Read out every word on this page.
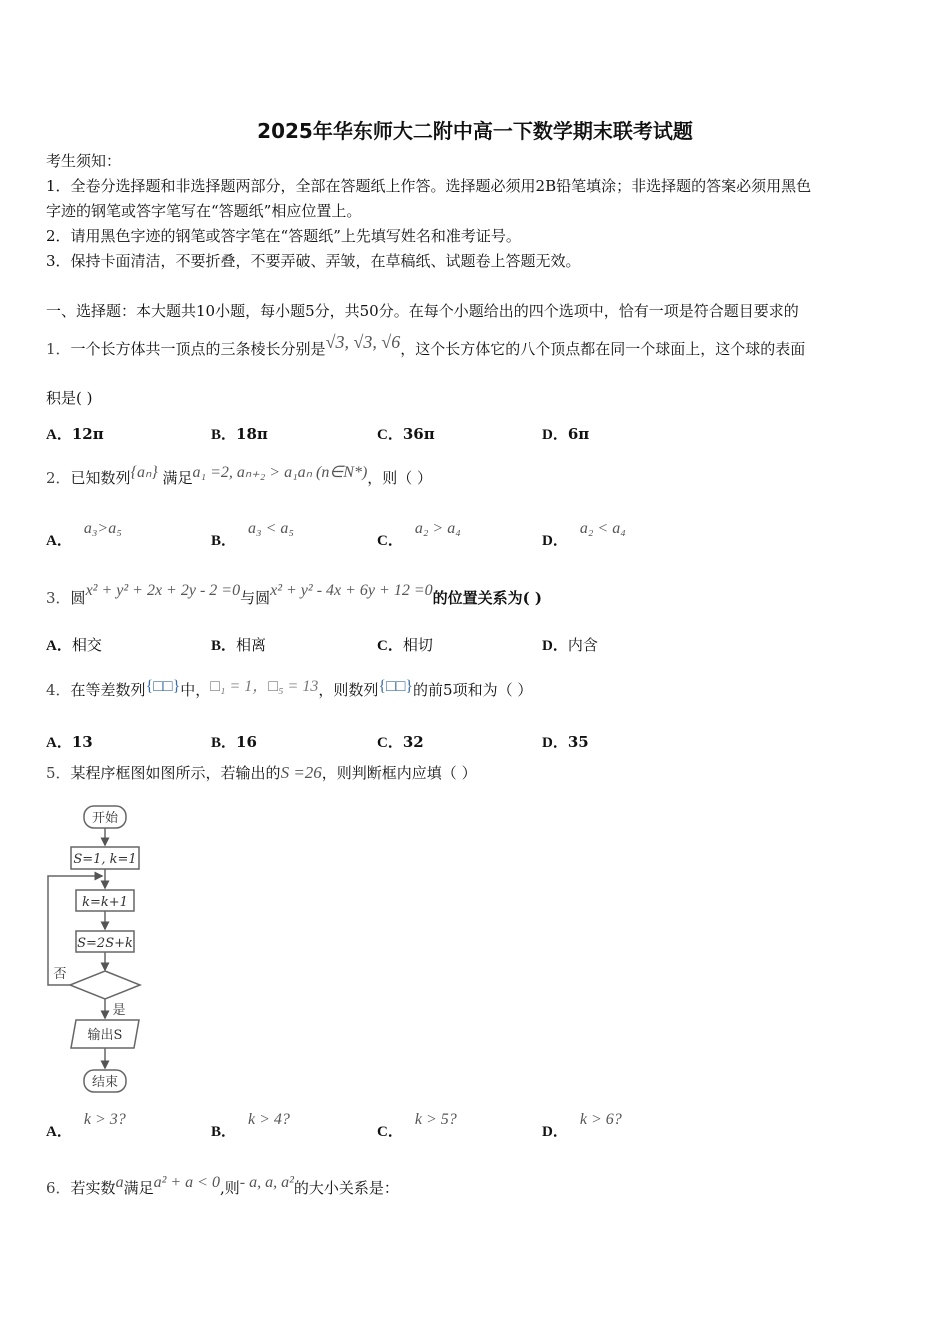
2025年华东师大二附中高一下数学期末联考试题
考生须知：
1．全卷分选择题和非选择题两部分，全部在答题纸上作答。选择题必须用2B铅笔填涂；非选择题的答案必须用黑色
字迹的钢笔或答字笔写在“答题纸”相应位置上。
2．请用黑色字迹的钢笔或答字笔在“答题纸”上先填写姓名和准考证号。
3．保持卡面清洁，不要折叠，不要弄破、弄皱，在草稿纸、试题卷上答题无效。
一、选择题：本大题共10小题，每小题5分，共50分。在每个小题给出的四个选项中，恰有一项是符合题目要求的
1．一个长方体共一顶点的三条棱长分别是√3, √3, √6，这个长方体它的八个顶点都在同一个球面上，这个球的表面
积是( )
A．12π	B．18π	C．36π	D．6π
2．已知数列{aₙ} 满足a₁ =2, aₙ₊₂ > a₁aₙ (n∈N*)，则（ ）
A．a₃>a₅
B．a₃ < a₅
C．a₂ > a₄
D．a₂ < a₄
3．圆x² + y² + 2x + 2y - 2 =0与圆x² + y² - 4x + 6y + 12 =0的位置关系为( )
A．相交	B．相离	C．相切	D．内含
4．在等差数列{□□}中，□₁ = 1，□₅ = 13，则数列{□□}的前5项和为（ ）
A．13	B．16	C．32	D．35
5．某程序框图如图所示，若输出的S =26，则判断框内应填（ ）
开始
S=1, k=1
k=k+1
S=2S+k
否
是
输出S
结束
A．k > 3?
B．k > 4?
C．k > 5?
D．k > 6?
6．若实数a满足a² + a < 0,则- a, a, a²的大小关系是：
